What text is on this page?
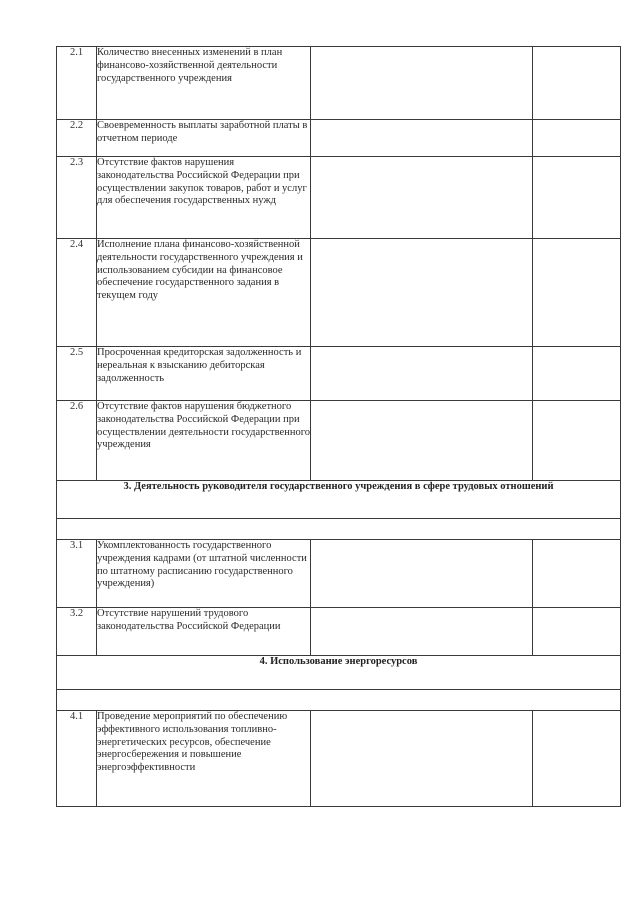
2.1	Количество внесенных изменений в план финансово-хозяйственной деятельности государственного учреждения		
2.2	Своевременность выплаты заработной платы в отчетном периоде		
2.3	Отсутствие фактов нарушения законодательства Российской Федерации при осуществлении закупок товаров, работ и услуг для обеспечения государственных нужд		
2.4	Исполнение плана финансово-хозяйственной деятельности государственного учреждения и использованием субсидии на финансовое обеспечение государственного задания в текущем году		
2.5	Просроченная кредиторская задолженность и нереальная к взысканию дебиторская задолженность		
2.6	Отсутствие фактов нарушения бюджетного законодательства Российской Федерации при осуществлении деятельности государственного учреждения		
3. Деятельность руководителя государственного учреждения в сфере трудовых отношений			

3.1	Укомплектованность государственного учреждения кадрами (от штатной численности по штатному расписанию государственного учреждения)		
3.2	Отсутствие нарушений трудового законодательства Российской Федерации		
4. Использование энергоресурсов			

4.1	Проведение мероприятий по обеспечению эффективного использования топливно-энергетических ресурсов, обеспечение энергосбережения и повышение энергоэффективности		
